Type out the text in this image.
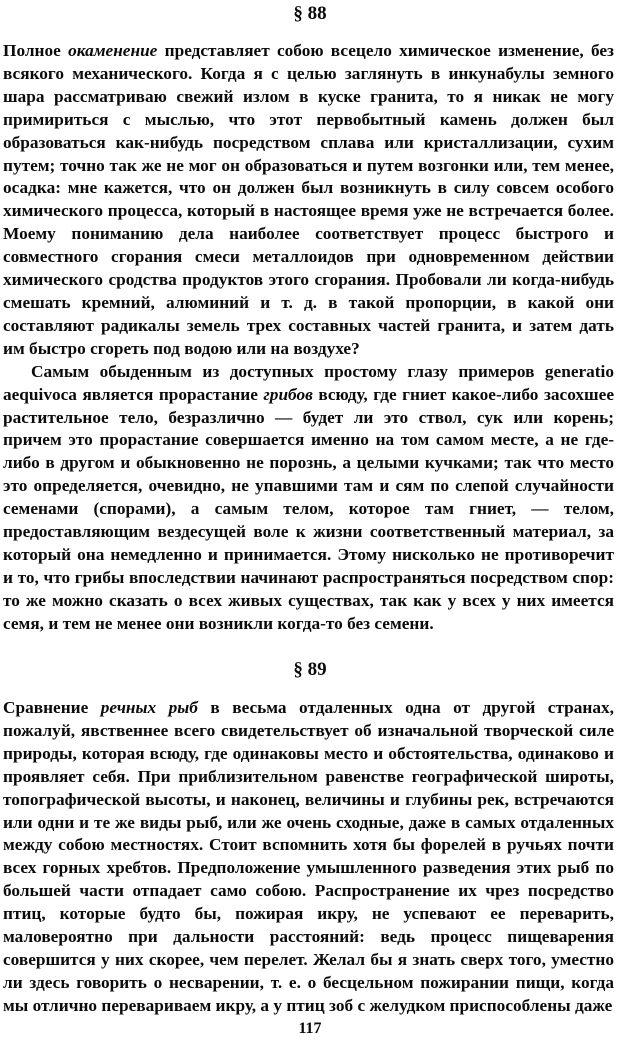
§ 88

Полное окаменение представляет собою всецело химическое изменение, без всякого механического. Когда я с целью заглянуть в инкунабулы земного шара рассматриваю свежий излом в куске гранита, то я никак не могу примириться с мыслью, что этот первобытный камень должен был образоваться как-нибудь посредством сплава или кристаллизации, сухим путем; точно так же не мог он образоваться и путем возгонки или, тем менее, осадка: мне кажется, что он должен был возникнуть в силу совсем особого химического процесса, который в настоящее время уже не встречается более. Моему пониманию дела наиболее соответствует процесс быстрого и совместного сгорания смеси металлоидов при одновременном действии химического сродства продуктов этого сгорания. Пробовали ли когда-нибудь смешать кремний, алюминий и т. д. в такой пропорции, в какой они составляют радикалы земель трех составных частей гранита, и затем дать им быстро сгореть под водою или на воздухе?

Самым обыденным из доступных простому глазу примеров generatio aequivoca является прорастание грибов всюду, где гниет какое-либо засохшее растительное тело, безразлично — будет ли это ствол, сук или корень; причем это прорастание совершается именно на том самом месте, а не где-либо в другом и обыкновенно не порознь, а целыми кучками; так что место это определяется, очевидно, не упавшими там и сям по слепой случайности семенами (спорами), а самым телом, которое там гниет, — телом, предоставляющим вездесущей воле к жизни соответственный материал, за который она немедленно и принимается. Этому нисколько не противоречит и то, что грибы впоследствии начинают распространяться посредством спор: то же можно сказать о всех живых существах, так как у всех у них имеется семя, и тем не менее они возникли когда-то без семени.

§ 89

Сравнение речных рыб в весьма отдаленных одна от другой странах, пожалуй, явственнее всего свидетельствует об изначальной творческой силе природы, которая всюду, где одинаковы место и обстоятельства, одинаково и проявляет себя. При приблизительном равенстве географической широты, топографической высоты, и наконец, величины и глубины рек, встречаются или одни и те же виды рыб, или же очень сходные, даже в самых отдаленных между собою местностях. Стоит вспомнить хотя бы форелей в ручьях почти всех горных хребтов. Предположение умышленного разведения этих рыб по большей части отпадает само собою. Распространение их чрез посредство птиц, которые будто бы, пожирая икру, не успевают ее переварить, маловероятно при дальности расстояний: ведь процесс пищеварения совершится у них скорее, чем перелет. Желал бы я знать сверх того, уместно ли здесь говорить о несварении, т. е. о бесцельном пожирании пищи, когда мы отлично перевариваем икру, а у птиц зоб с желудком приспособлены даже

117
